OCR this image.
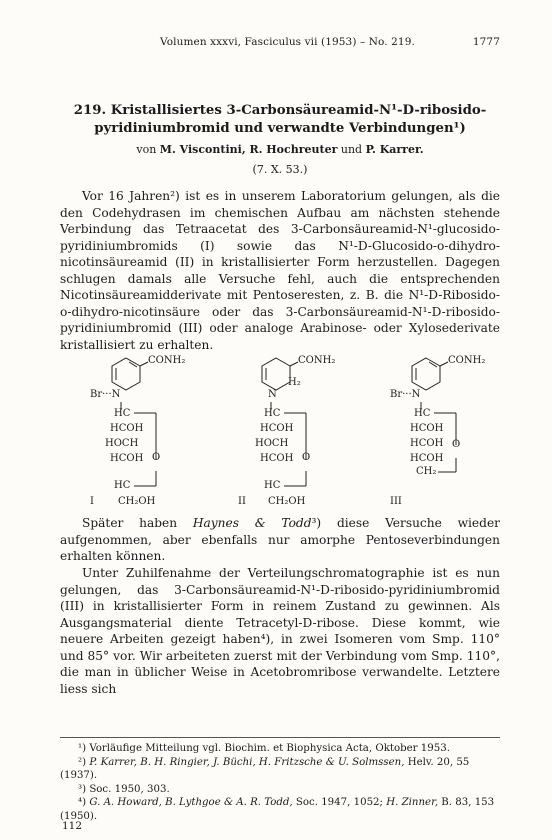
Volumen xxxvi, Fasciculus vii (1953) – No. 219.	1777
219. Kristallisiertes 3-Carbonsäureamid-N¹-D-ribosido-
pyridiniumbromid und verwandte Verbindungen¹)
von M. Viscontini, R. Hochreuter und P. Karrer.
(7. X. 53.)

Vor 16 Jahren²) ist es in unserem Laboratorium gelungen, als die den Codehydrasen im chemischen Aufbau am nächsten stehende Verbindung das Tetraacetat des 3-Carbonsäureamid-N¹-glucosido-pyridiniumbromids (I) sowie das N¹-D-Glucosido-o-dihydro-nicotinsäureamid (II) in kristallisierter Form herzustellen. Dagegen schlugen damals alle Versuche fehl, auch die entsprechenden Nicotinsäureamidderivate mit Pentoseresten, z. B. die N¹-D-Ribosido-o-dihydro-nicotinsäure oder das 3-Carbonsäureamid-N¹-D-ribosido-pyridiniumbromid (III) oder analoge Arabinose- oder Xylosederivate kristallisiert zu erhalten.

CONH₂
Br···N
HC
HCOH
HOCH
O
HCOH
HC
CH₂OH
I
CONH₂
H₂
N
HC
HCOH
HOCH
O
HCOH
HC
CH₂OH
II
CONH₂
Br···N
HC
HCOH
HCOH O
HCOH
CH₂
III

Später haben Haynes & Todd³) diese Versuche wieder aufgenommen, aber ebenfalls nur amorphe Pentoseverbindungen erhalten können.

Unter Zuhilfenahme der Verteilungschromatographie ist es nun gelungen, das 3-Carbonsäureamid-N¹-D-ribosido-pyridiniumbromid (III) in kristallisierter Form in reinem Zustand zu gewinnen. Als Ausgangsmaterial diente Tetracetyl-D-ribose. Diese kommt, wie neuere Arbeiten gezeigt haben⁴), in zwei Isomeren vom Smp. 110° und 85° vor. Wir arbeiteten zuerst mit der Verbindung vom Smp. 110°, die man in üblicher Weise in Acetobromribose verwandelte. Letztere liess sich

¹) Vorläufige Mitteilung vgl. Biochim. et Biophysica Acta, Oktober 1953.

²) P. Karrer, B. H. Ringier, J. Büchi, H. Fritzsche & U. Solmssen, Helv. 20, 55 (1937).

³) Soc. 1950, 303.

⁴) G. A. Howard, B. Lythgoe & A. R. Todd, Soc. 1947, 1052; H. Zinner, B. 83, 153 (1950).

112
